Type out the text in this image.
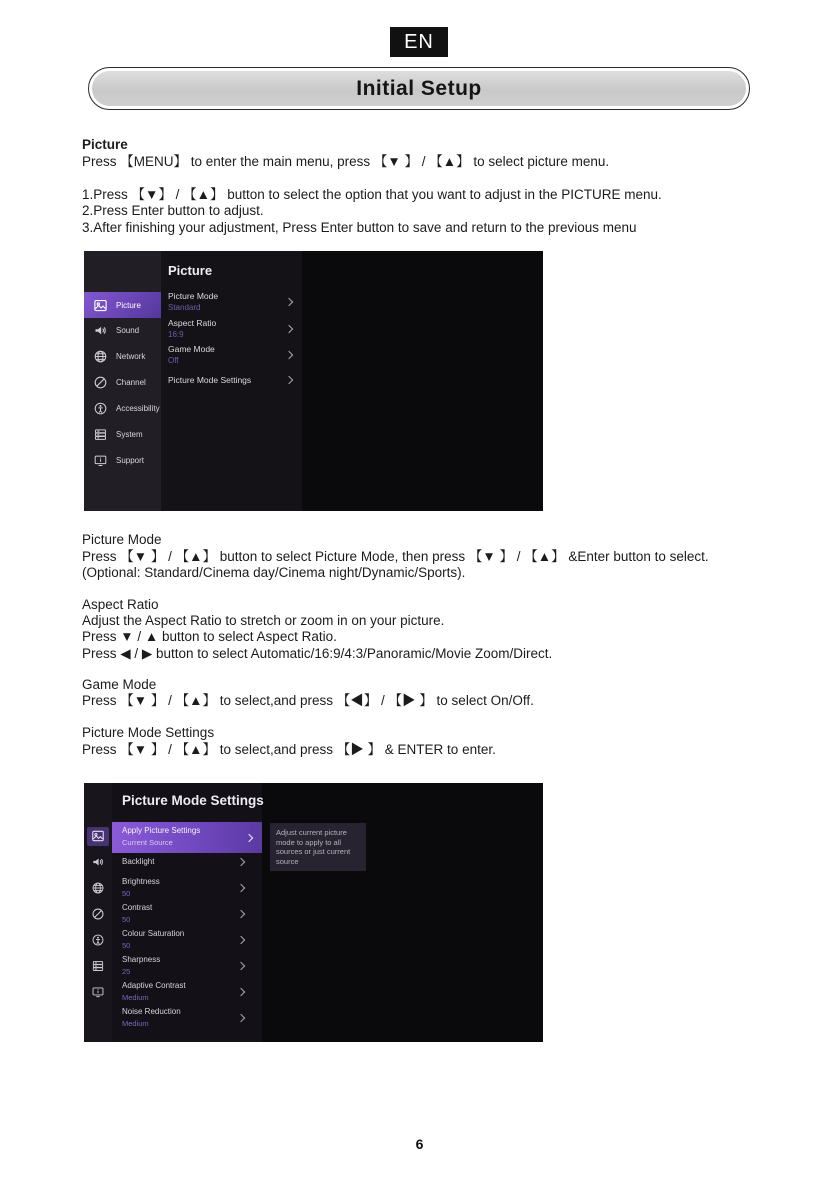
EN
Initial Setup
Picture
Press 【MENU】 to enter the main menu, press 【▼ 】 / 【▲】 to select picture menu.
1.Press 【▼】 / 【▲】 button to select the option that you want to adjust in the PICTURE menu.
2.Press Enter button to adjust.
3.After finishing your adjustment, Press Enter button to save and return to the previous menu
Picture
Picture
Sound
Network
Channel
Accessibility
System
Support
Picture Mode
Standard
Aspect Ratio
16:9
Game Mode
Off
Picture Mode Settings
Picture Mode
Press 【▼ 】 / 【▲】 button to select Picture Mode, then press 【▼ 】 / 【▲】 &Enter button to select.
(Optional: Standard/Cinema day/Cinema night/Dynamic/Sports).
Aspect Ratio
Adjust the Aspect Ratio to stretch or zoom in on your picture.
Press ▼ / ▲ button to select Aspect Ratio.
Press ◀ / ▶ button to select Automatic/16:9/4:3/Panoramic/Movie Zoom/Direct.
Game Mode
Press 【▼ 】 / 【▲】 to select,and press 【◀】 / 【▶ 】 to select On/Off.
Picture Mode Settings
Press 【▼ 】 / 【▲】 to select,and press 【▶ 】 & ENTER to enter.
Picture Mode Settings
Apply Picture Settings
Current Source
Adjust current picture mode to apply to all sources or just current source
Backlight
Brightness
50
Contrast
50
Colour Saturation
50
Sharpness
25
Adaptive Contrast
Medium
Noise Reduction
Medium
6
